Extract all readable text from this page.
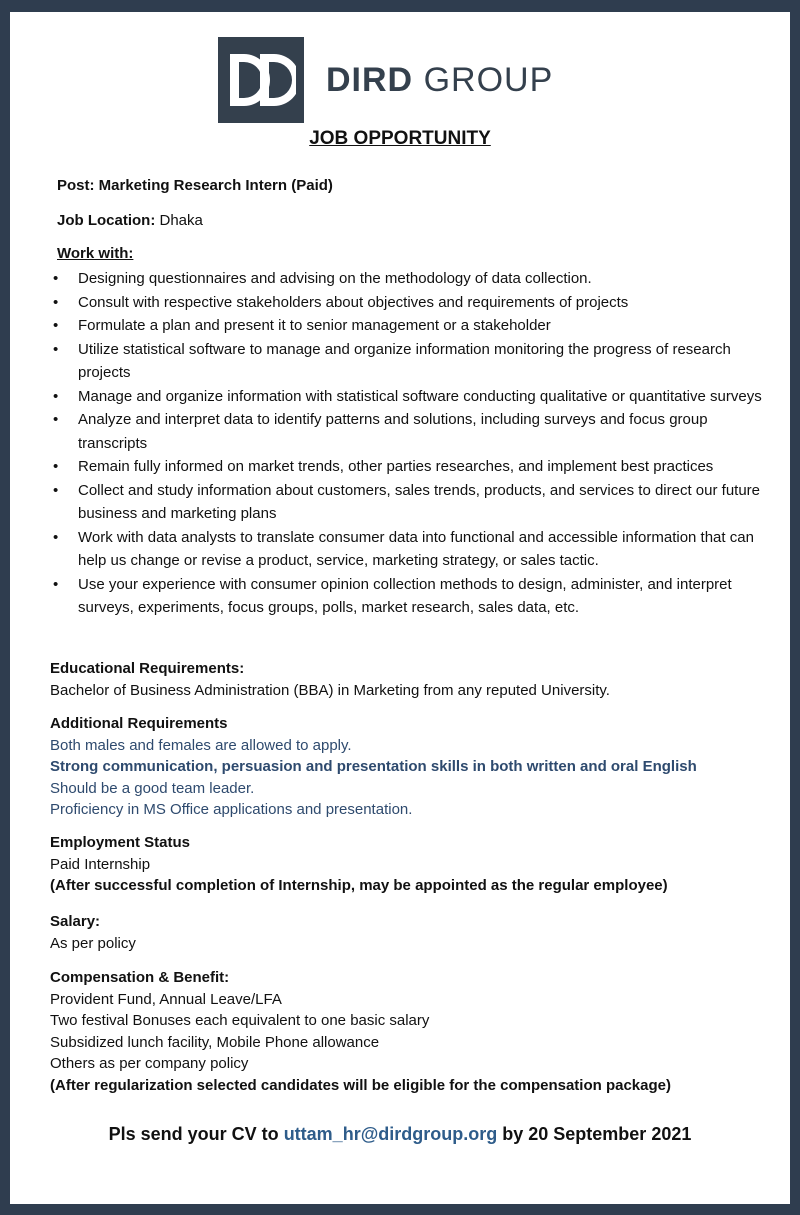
DIRD GROUP
JOB OPPORTUNITY
Post: Marketing Research Intern (Paid)
Job Location: Dhaka
Work with:
• Designing questionnaires and advising on the methodology of data collection.
• Consult with respective stakeholders about objectives and requirements of projects
• Formulate a plan and present it to senior management or a stakeholder
• Utilize statistical software to manage and organize information monitoring the progress of research projects
• Manage and organize information with statistical software conducting qualitative or quantitative surveys
• Analyze and interpret data to identify patterns and solutions, including surveys and focus group transcripts
• Remain fully informed on market trends, other parties researches, and implement best practices
• Collect and study information about customers, sales trends, products, and services to direct our future business and marketing plans
• Work with data analysts to translate consumer data into functional and accessible information that can help us change or revise a product, service, marketing strategy, or sales tactic.
• Use your experience with consumer opinion collection methods to design, administer, and interpret surveys, experiments, focus groups, polls, market research, sales data, etc.
Educational Requirements:
Bachelor of Business Administration (BBA) in Marketing from any reputed University.
Additional Requirements
Both males and females are allowed to apply.
Strong communication, persuasion and presentation skills in both written and oral English
Should be a good team leader.
Proficiency in MS Office applications and presentation.
Employment Status
Paid Internship
(After successful completion of Internship, may be appointed as the regular employee)
Salary:
As per policy
Compensation & Benefit:
Provident Fund, Annual Leave/LFA
Two festival Bonuses each equivalent to one basic salary
Subsidized lunch facility, Mobile Phone allowance
Others as per company policy
(After regularization selected candidates will be eligible for the compensation package)
Pls send your CV to uttam_hr@dirdgroup.org by 20 September 2021
